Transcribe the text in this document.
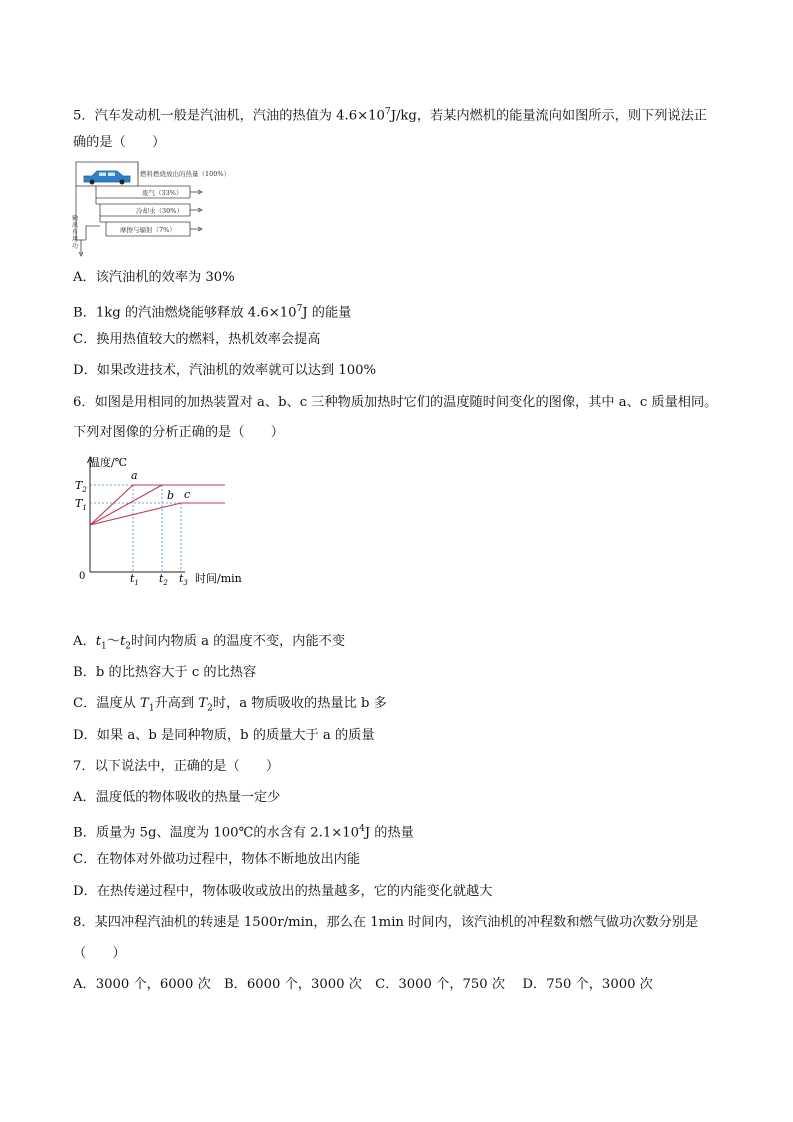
5．汽车发动机一般是汽油机，汽油的热值为 $4.6\times 10^7J/kg$，若某内燃机的能量流向如图所示，则下列说法正
确的是（　　）
燃料燃烧放出的热量（100%）
废气（33%）
冷却水（30%）
摩擦与辐射（7%）
输
出
有
用
功
A．该汽油机的效率为 30%
B．1kg 的汽油燃烧能够释放 $4.6\times 10^7J$ 的能量
C．换用热值较大的燃料，热机效率会提高
D．如果改进技术，汽油机的效率就可以达到 100%
6．如图是用相同的加热装置对 a、b、c 三种物质加热时它们的温度随时间变化的图像，其中 a、c 质量相同。
下列对图像的分析正确的是（　　）
温度/℃
时间/min
0
$T_2$
$T_1$
$t_1$ $t_2$ $t_3$
a
b c
A．$t_1\sim t_2$时间内物质 a 的温度不变，内能不变
B．b 的比热容大于 c 的比热容
C．温度从 $T_1$升高到 $T_2$时，a 物质吸收的热量比 b 多
D．如果 a、b 是同种物质，b 的质量大于 a 的质量
7．以下说法中，正确的是（　　）
A．温度低的物体吸收的热量一定少
B．质量为 5g、温度为 100℃的水含有 $2.1\times 10^4J$ 的热量
C．在物体对外做功过程中，物体不断地放出内能
D．在热传递过程中，物体吸收或放出的热量越多，它的内能变化就越大
8．某四冲程汽油机的转速是 1500r/min，那么在 1min 时间内，该汽油机的冲程数和燃气做功次数分别是
（　　）
A．3000 个，6000 次　B．6000 个，3000 次　C．3000 个，750 次　 D．750 个，3000 次
